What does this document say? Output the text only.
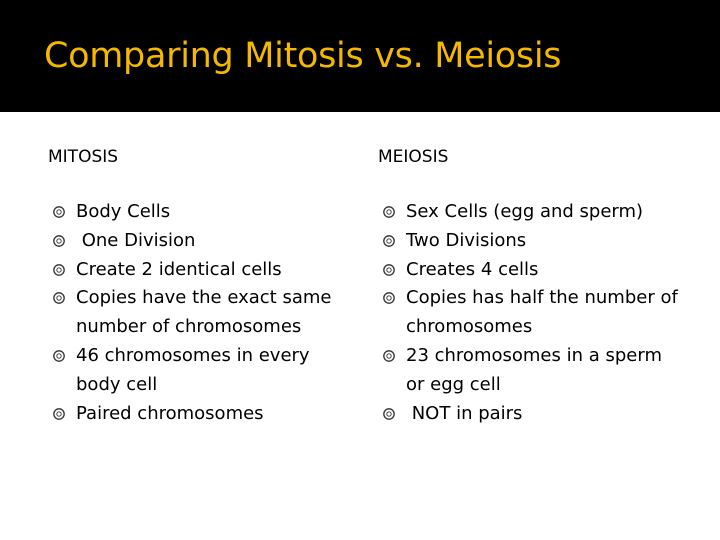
Comparing Mitosis vs. Meiosis
MITOSIS
Body Cells
One Division
Create 2 identical cells
Copies have the exact same number of chromosomes
46 chromosomes in every body cell
Paired chromosomes
MEIOSIS
Sex Cells (egg and sperm)
Two Divisions
Creates 4 cells
Copies has half the number of chromosomes
23 chromosomes in a sperm or egg cell
NOT in pairs
